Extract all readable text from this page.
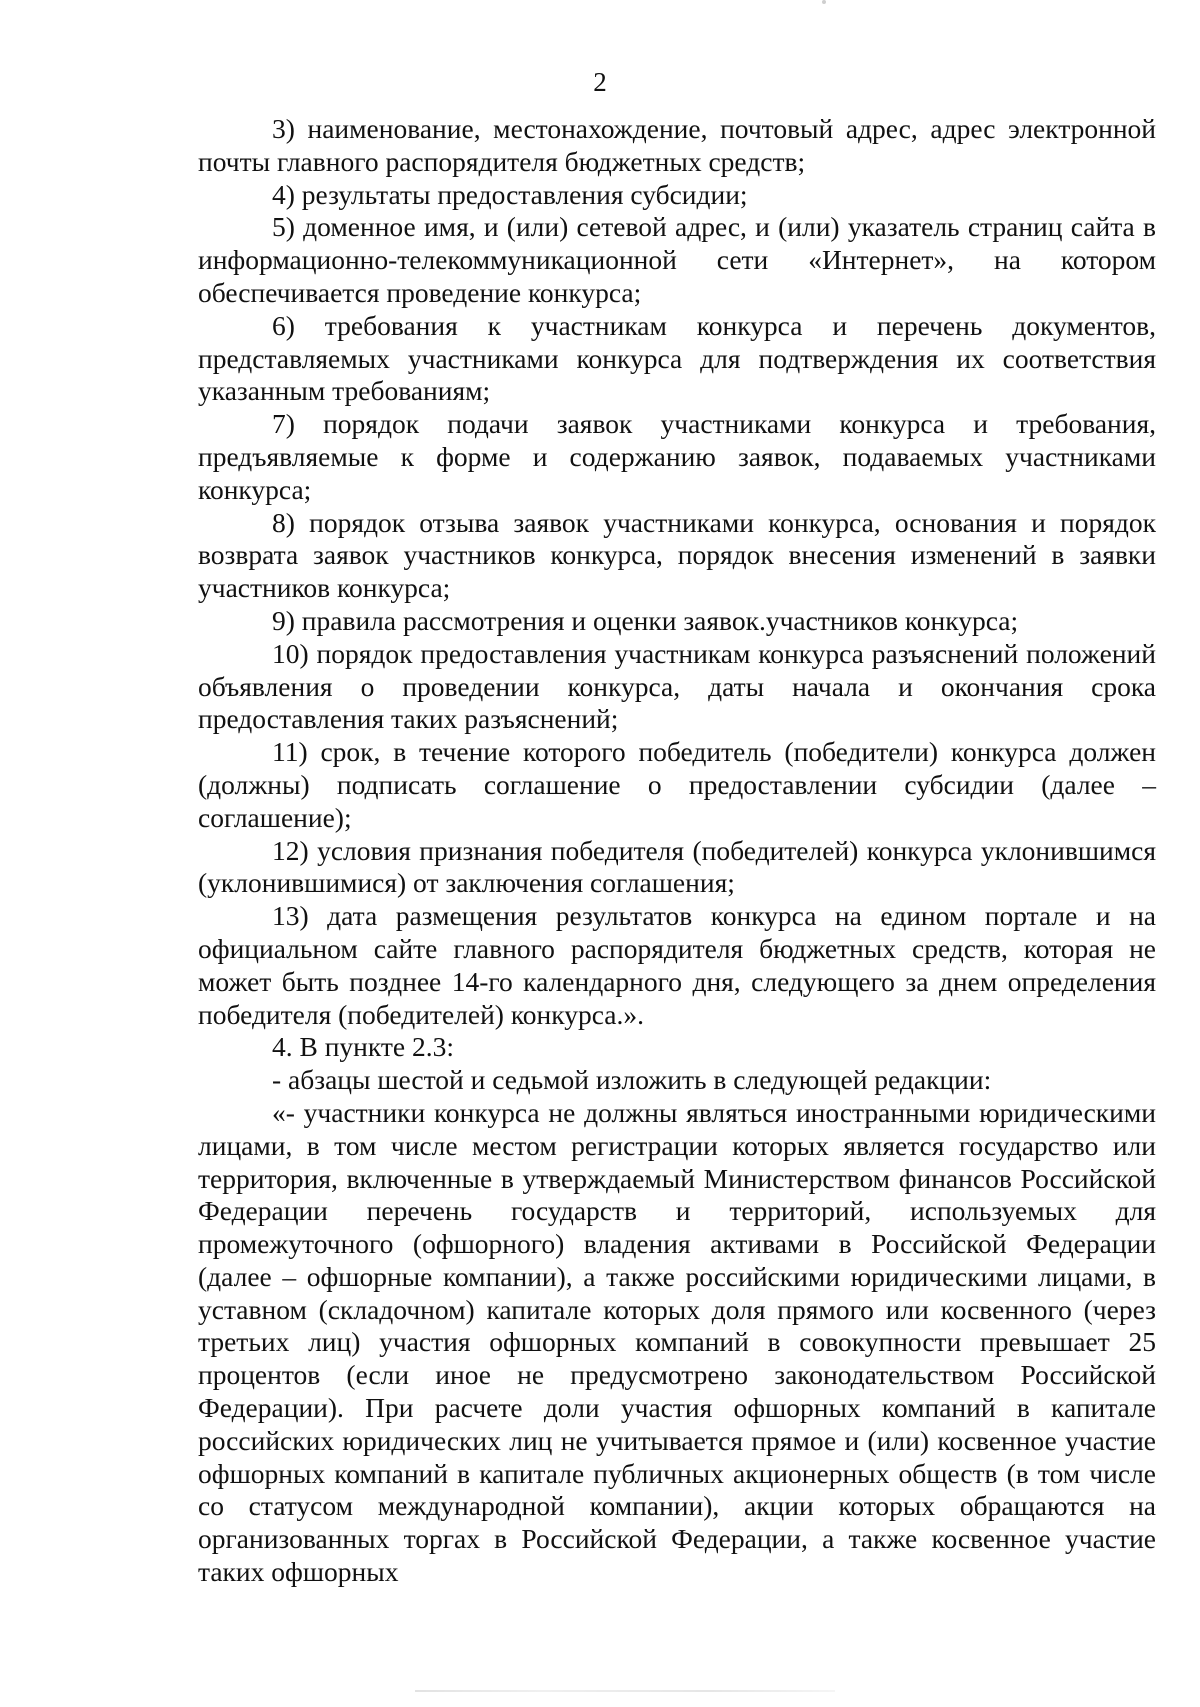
2

3) наименование, местонахождение, почтовый адрес, адрес электронной почты главного распорядителя бюджетных средств;

4) результаты предоставления субсидии;

5) доменное имя, и (или) сетевой адрес, и (или) указатель страниц сайта в информационно-телекоммуникационной сети «Интернет», на котором обеспечивается проведение конкурса;

6) требования к участникам конкурса и перечень документов, представляемых участниками конкурса для подтверждения их соответствия указанным требованиям;

7) порядок подачи заявок участниками конкурса и требования, предъявляемые к форме и содержанию заявок, подаваемых участниками конкурса;

8) порядок отзыва заявок участниками конкурса, основания и порядок возврата заявок участников конкурса, порядок внесения изменений в заявки участников конкурса;

9) правила рассмотрения и оценки заявок.участников конкурса;

10) порядок предоставления участникам конкурса разъяснений положений объявления о проведении конкурса, даты начала и окончания срока предоставления таких разъяснений;

11) срок, в течение которого победитель (победители) конкурса должен (должны) подписать соглашение о предоставлении субсидии (далее – соглашение);

12) условия признания победителя (победителей) конкурса уклонившимся (уклонившимися) от заключения соглашения;

13) дата размещения результатов конкурса на едином портале и на официальном сайте главного распорядителя бюджетных средств, которая не может быть позднее 14-го календарного дня, следующего за днем определения победителя (победителей) конкурса.».

4. В пункте 2.3:

- абзацы шестой и седьмой изложить в следующей редакции:

«- участники конкурса не должны являться иностранными юридическими лицами, в том числе местом регистрации которых является государство или территория, включенные в утверждаемый Министерством финансов Российской Федерации перечень государств и территорий, используемых для промежуточного (офшорного) владения активами в Российской Федерации (далее – офшорные компании), а также российскими юридическими лицами, в уставном (складочном) капитале которых доля прямого или косвенного (через третьих лиц) участия офшорных компаний в совокупности превышает 25 процентов (если иное не предусмотрено законодательством Российской Федерации). При расчете доли участия офшорных компаний в капитале российских юридических лиц не учитывается прямое и (или) косвенное участие офшорных компаний в капитале публичных акционерных обществ (в том числе со статусом международной компании), акции которых обращаются на организованных торгах в Российской Федерации, а также косвенное участие таких офшорных
